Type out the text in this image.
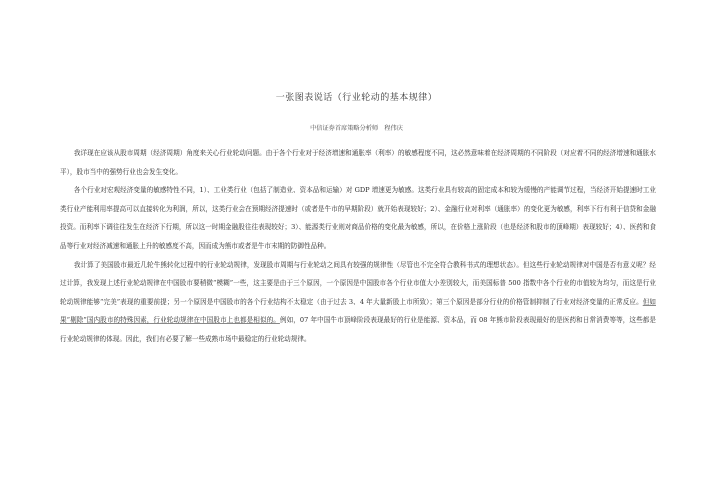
一张图表说话（行业轮动的基本规律）
中信证券首席策略分析师　程伟庆

我详现在应该从股市周期（经济周期）角度来关心行业轮动问题。由于各个行业对于经济增速和通胀率（利率）的敏感程度不同，这必然意味着在经济周期的不同阶段（对应着不同的经济增速和通胀水平），股市当中的强势行业也会发生变化。

各个行业对宏观经济变量的敏感特性不同，1）、工业类行业（包括了制造业、资本品和运输）对 GDP 增速更为敏感。这类行业具有较高的固定成本和较为缓慢的产能调节过程，当经济开始提速时工业类行业产能利用率提高可以直接转化为利润，所以，这类行业会在预期经济提速时（或者是牛市的早期阶段）就开始表现较好；2）、金融行业对利率（通胀率）的变化更为敏感，利率下行有利于信贷和金融投资。而利率下调往往发生在经济下行期，所以这一时期金融股往往表现较好；3）、能源类行业则对商品价格的变化最为敏感，所以，在价格上涨阶段（也是经济和股市的顶峰期）表现较好；4）、医药和食品等行业对经济减速和通胀上升的敏感度不高，因而成为熊市或者是牛市末期的防御性品种。

我计算了美国股市最近几轮牛熊转化过程中的行业轮动规律，发现股市周期与行业轮动之间具有较强的规律性（尽管也不完全符合教科书式的理想状态）。但这些行业轮动规律对中国是否有意义呢？经过计算，我发现上述行业轮动规律在中国股市要稍微“模糊”一些，这主要是由于三个原因，一个原因是中国股市各个行业市值大小差别较大，而美国标普 500 指数中各个行业的市值较为均匀，而这是行业轮动规律能够“完美”表现的重要前提；另一个原因是中国股市的各个行业结构不太稳定（由于过去 3、4 年大量新股上市所致）；第三个原因是部分行业的价格管制抑制了行业对经济变量的正常反应。但如果“剔除”国内股市的特殊因素，行业轮动规律在中国股市上也都是相似的。例如，07 年中国牛市顶峰阶段表现最好的行业是能源、资本品，而 08 年熊市阶段表现最好的是医药和日常消费等等，这些都是行业轮动规律的体现。因此，我们有必要了解一些成熟市场中最稳定的行业轮动规律。
